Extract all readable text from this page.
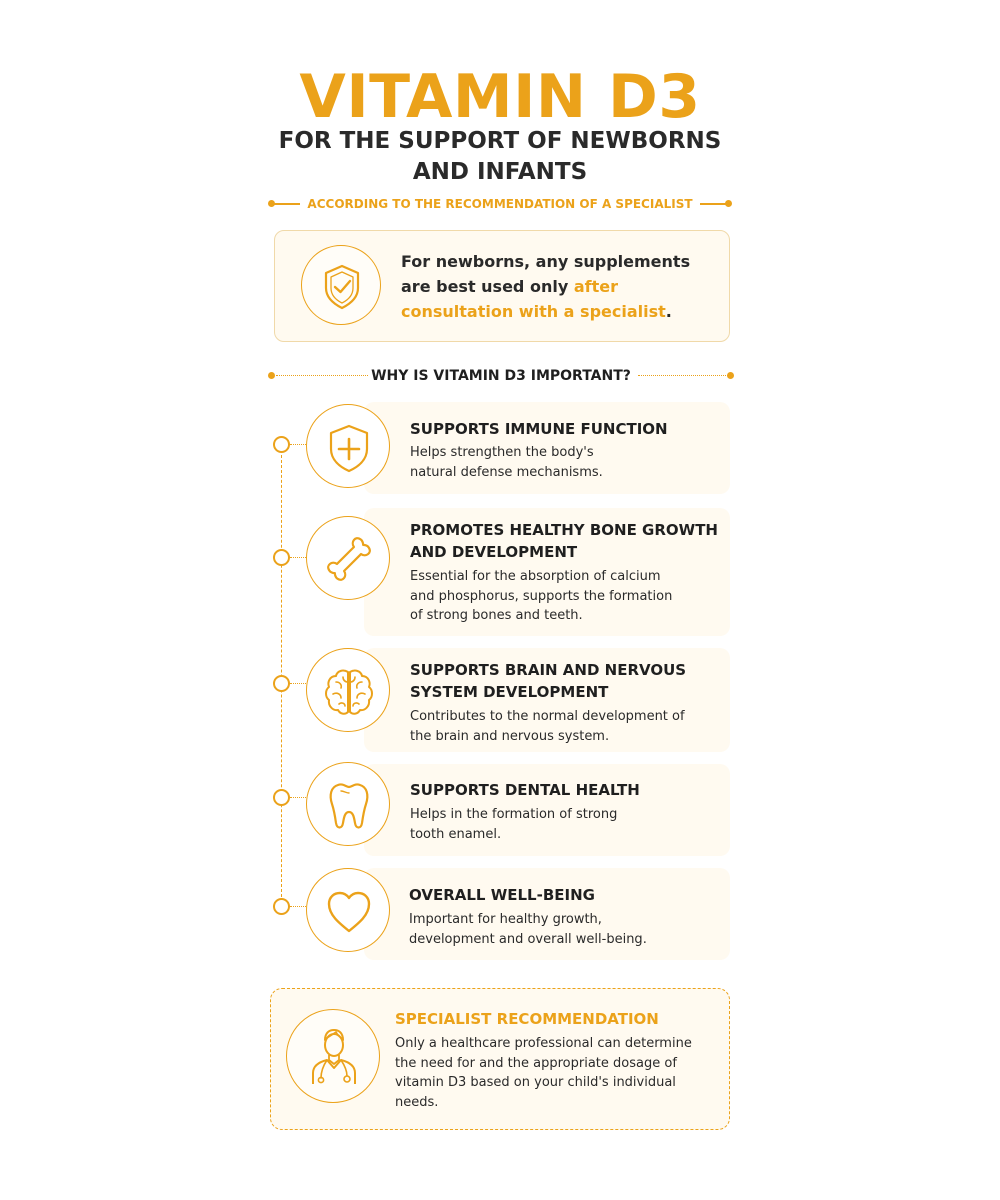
VITAMIN D3
FOR THE SUPPORT OF NEWBORNS AND INFANTS
ACCORDING TO THE RECOMMENDATION OF A SPECIALIST
For newborns, any supplements are best used only after consultation with a specialist.
WHY IS VITAMIN D3 IMPORTANT?
SUPPORTS IMMUNE FUNCTION
Helps strengthen the body's natural defense mechanisms.
PROMOTES HEALTHY BONE GROWTH AND DEVELOPMENT
Essential for the absorption of calcium and phosphorus, supports the formation of strong bones and teeth.
SUPPORTS BRAIN AND NERVOUS SYSTEM DEVELOPMENT
Contributes to the normal development of the brain and nervous system.
SUPPORTS DENTAL HEALTH
Helps in the formation of strong tooth enamel.
OVERALL WELL-BEING
Important for healthy growth, development and overall well-being.
SPECIALIST RECOMMENDATION
Only a healthcare professional can determine the need for and the appropriate dosage of vitamin D3 based on your child's individual needs.
